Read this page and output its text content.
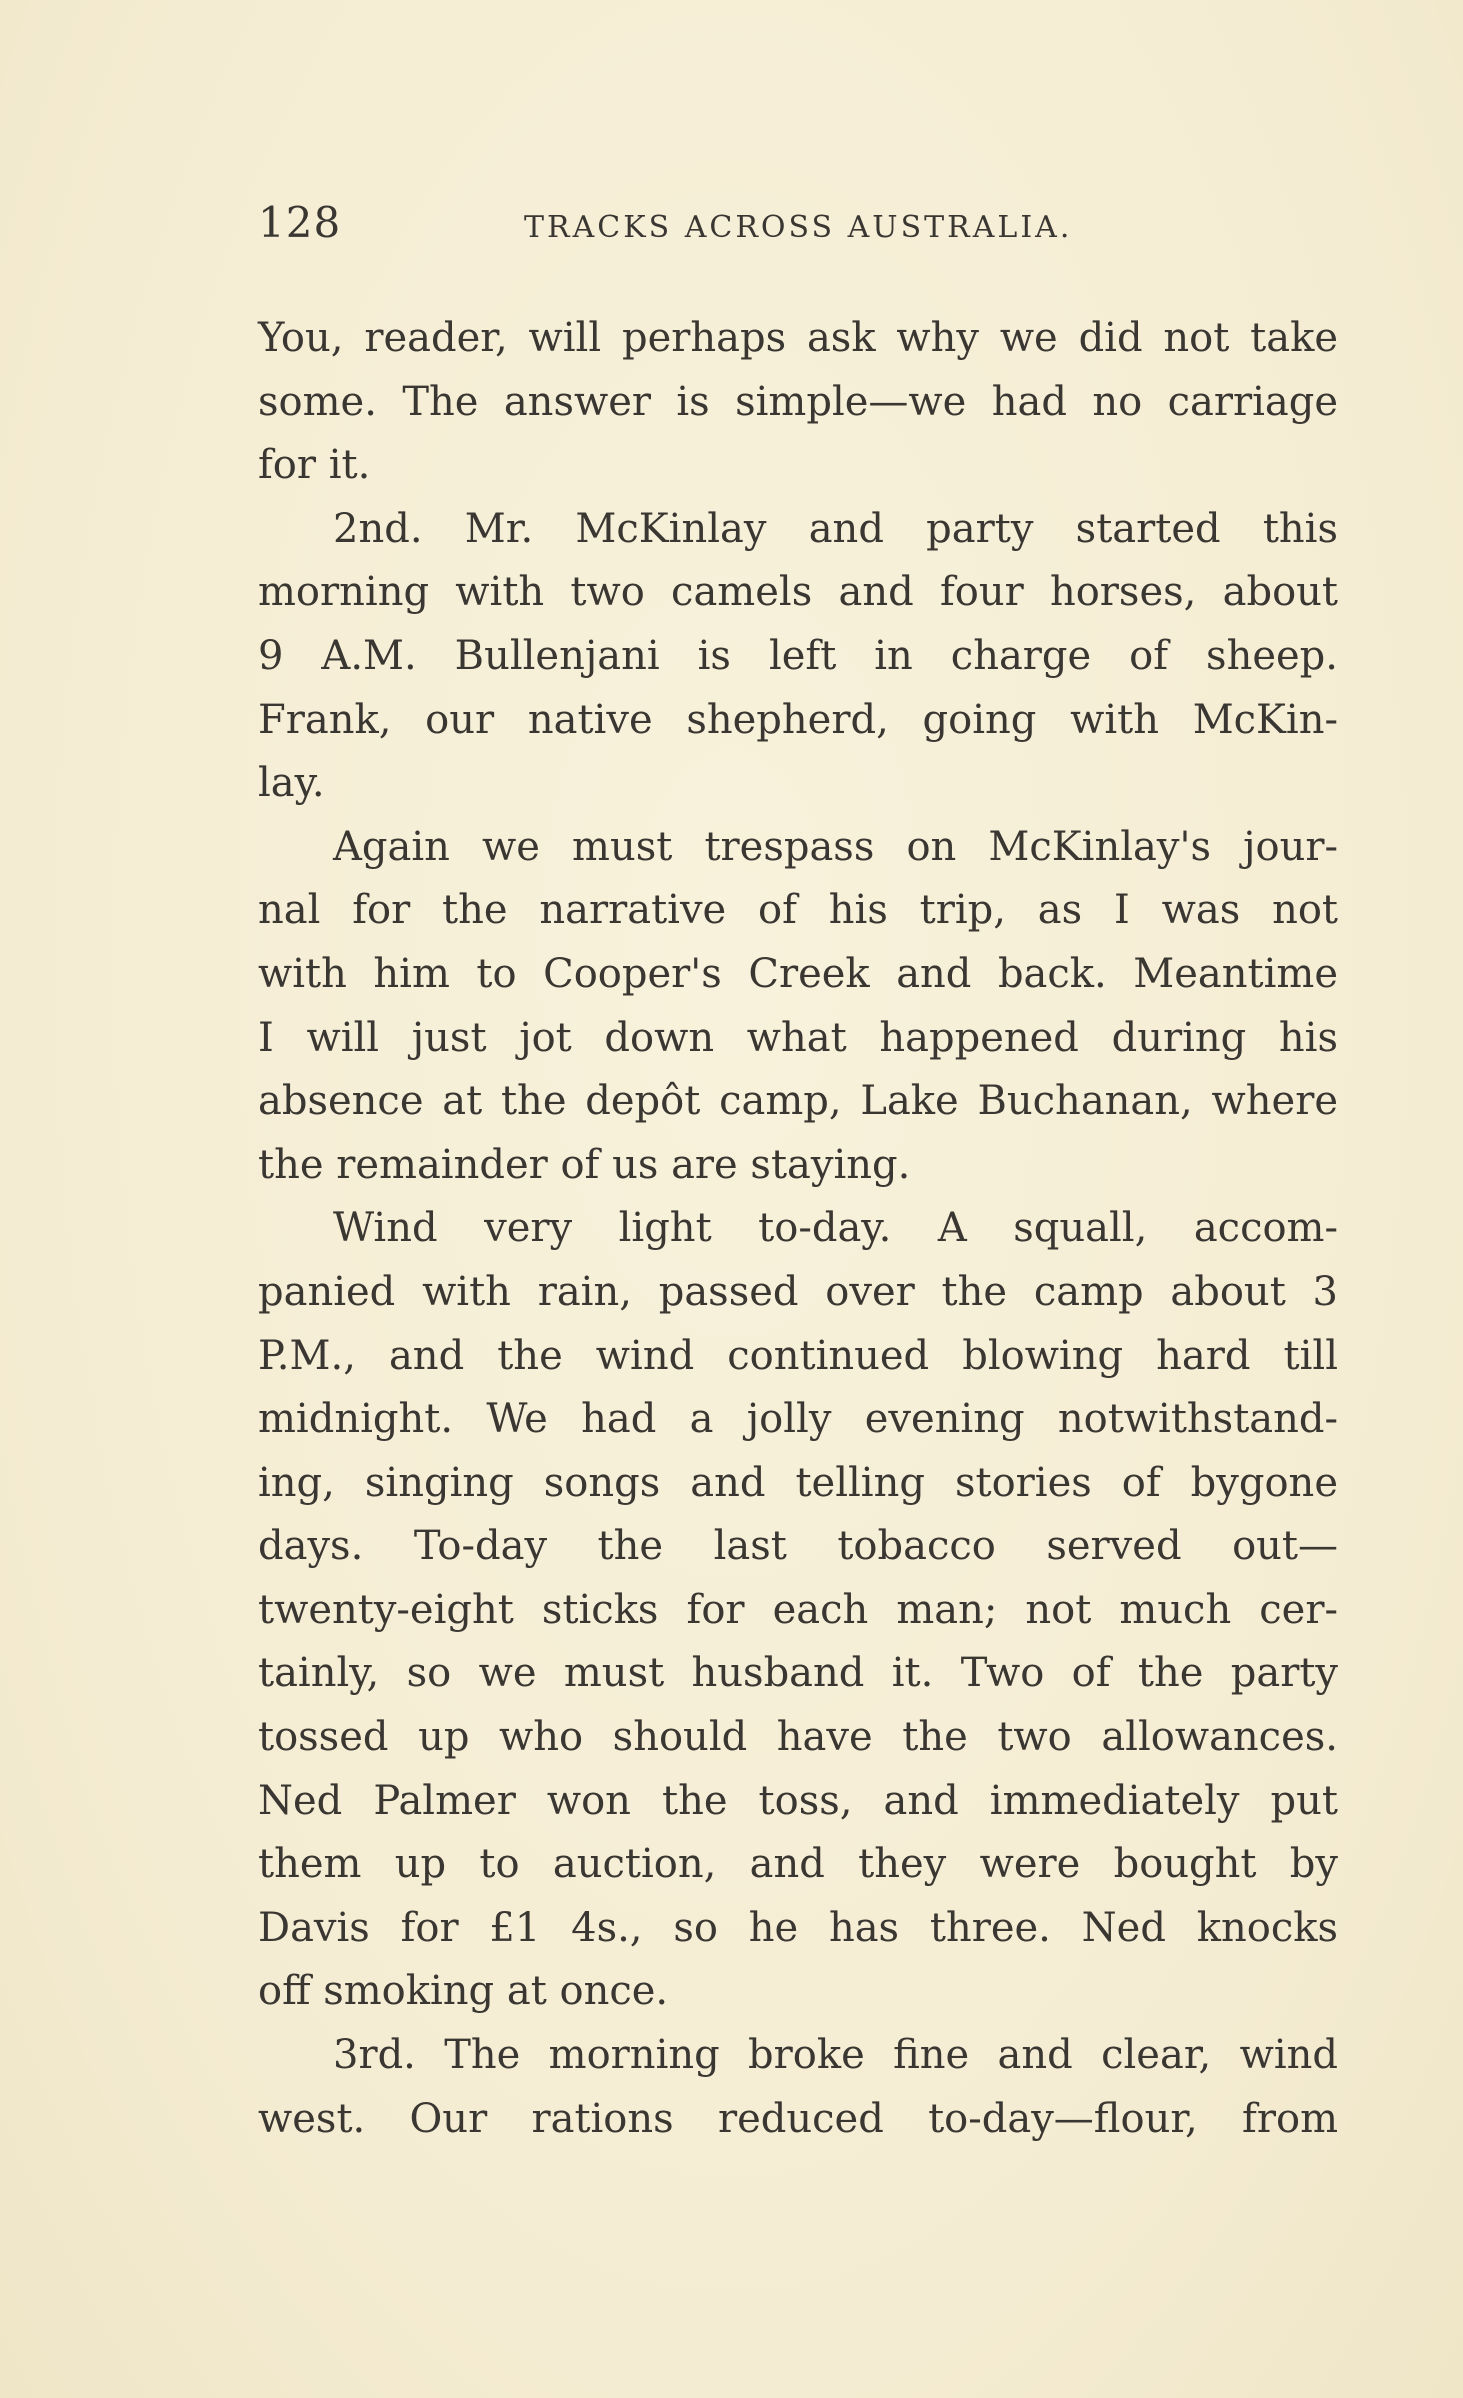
128	TRACKS ACROSS AUSTRALIA.
You, reader, will perhaps ask why we did not take
some. The answer is simple—we had no carriage
for it.
2nd. Mr. McKinlay and party started this
morning with two camels and four horses, about
9 A.M. Bullenjani is left in charge of sheep.
Frank, our native shepherd, going with McKin-
lay.
Again we must trespass on McKinlay's jour-
nal for the narrative of his trip, as I was not
with him to Cooper's Creek and back. Meantime
I will just jot down what happened during his
absence at the depôt camp, Lake Buchanan, where
the remainder of us are staying.
Wind very light to-day. A squall, accom-
panied with rain, passed over the camp about 3
P.M., and the wind continued blowing hard till
midnight. We had a jolly evening notwithstand-
ing, singing songs and telling stories of bygone
days. To-day the last tobacco served out—
twenty-eight sticks for each man; not much cer-
tainly, so we must husband it. Two of the party
tossed up who should have the two allowances.
Ned Palmer won the toss, and immediately put
them up to auction, and they were bought by
Davis for £1 4s., so he has three. Ned knocks
off smoking at once.
3rd. The morning broke fine and clear, wind
west. Our rations reduced to-day—flour, from
